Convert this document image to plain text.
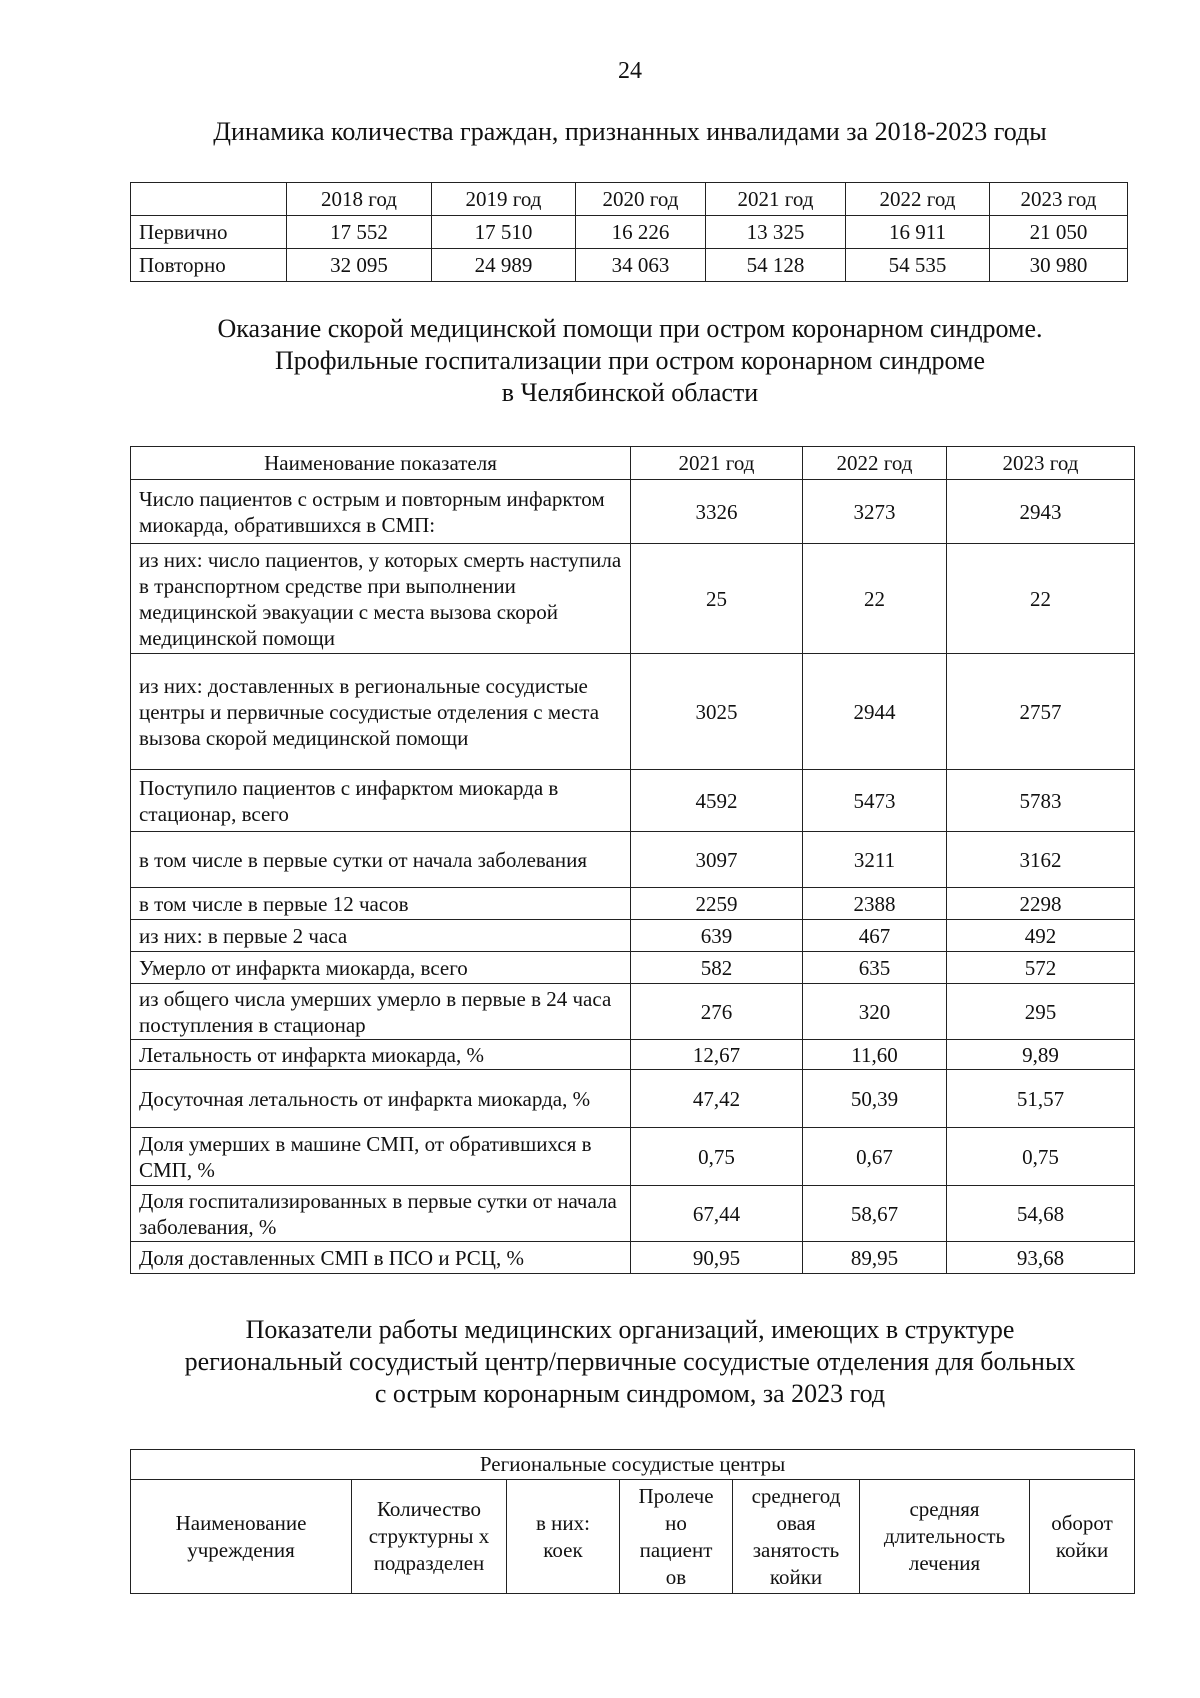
24
Динамика количества граждан, признанных инвалидами за 2018-2023 годы
	2018 год	2019 год	2020 год	2021 год	2022 год	2023 год
Первично	17 552	17 510	16 226	13 325	16 911	21 050
Повторно	32 095	24 989	34 063	54 128	54 535	30 980
Оказание скорой медицинской помощи при остром коронарном синдроме.
Профильные госпитализации при остром коронарном синдроме
в Челябинской области
Наименование показателя	2021 год	2022 год	2023 год
Число пациентов с острым и повторным инфарктом миокарда, обратившихся в СМП:	3326	3273	2943
из них: число пациентов, у которых смерть наступила в транспортном средстве при выполнении медицинской эвакуации с места вызова скорой медицинской помощи	25	22	22
из них: доставленных в региональные сосудистые центры и первичные сосудистые отделения с места вызова скорой медицинской помощи	3025	2944	2757
Поступило пациентов с инфарктом миокарда в стационар, всего	4592	5473	5783
в том числе в первые сутки от начала заболевания	3097	3211	3162
в том числе в первые 12 часов	2259	2388	2298
из них: в первые 2 часа	639	467	492
Умерло от инфаркта миокарда, всего	582	635	572
из общего числа умерших умерло в первые в 24 часа поступления в стационар	276	320	295
Летальность от инфаркта миокарда, %	12,67	11,60	9,89
Досуточная летальность от инфаркта миокарда, %	47,42	50,39	51,57
Доля умерших в машине СМП, от обратившихся в СМП, %	0,75	0,67	0,75
Доля госпитализированных в первые сутки от начала заболевания, %	67,44	58,67	54,68
Доля доставленных СМП в ПСО и РСЦ, %	90,95	89,95	93,68
Показатели работы медицинских организаций, имеющих в структуре
региональный сосудистый центр/первичные сосудистые отделения для больных
с острым коронарным синдромом, за 2023 год
Региональные сосудистые центры
Наименование учреждения	Количество структурны х подразделен	в них: коек	Пролече но пациент ов	среднегод овая занятость койки	средняя длительность лечения	оборот койки
